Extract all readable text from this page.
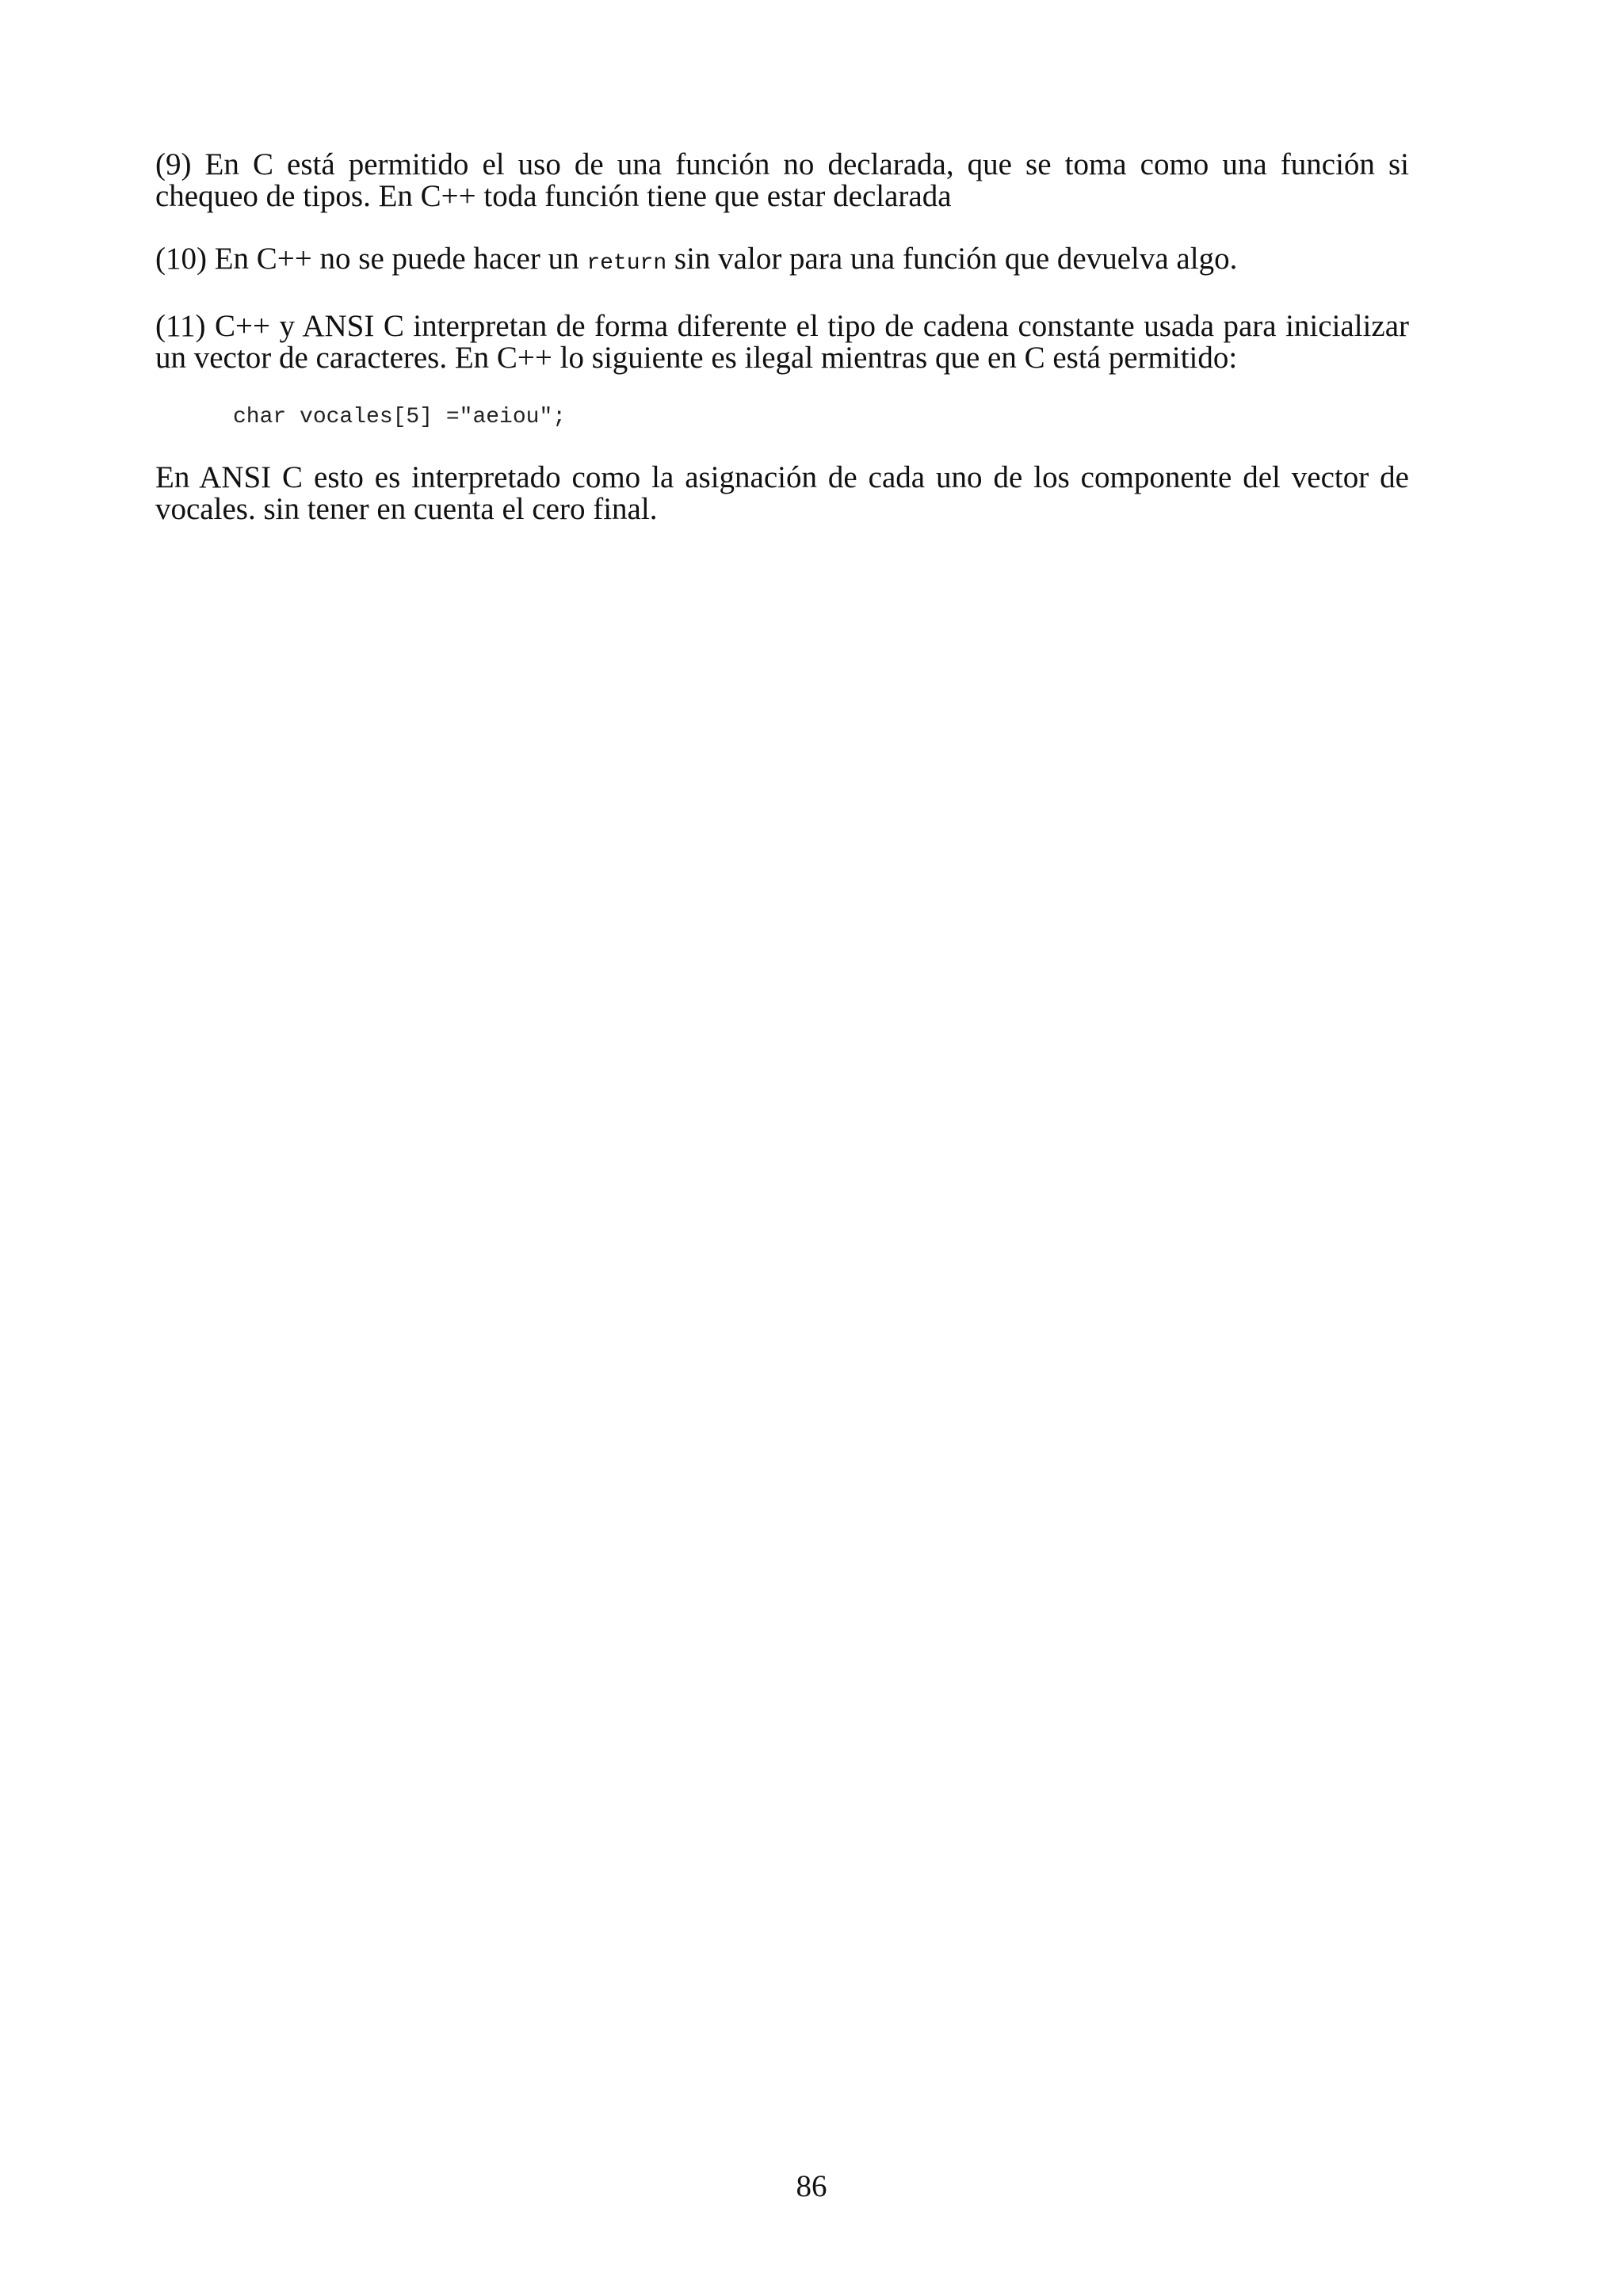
(9) En C está permitido el uso de una función no declarada, que se toma como una función si chequeo de tipos. En C++ toda función tiene que estar declarada

(10) En C++ no se puede hacer un return sin valor para una función que devuelva algo.

(11) C++ y ANSI C interpretan de forma diferente el tipo de cadena constante usada para inicializar un vector de caracteres. En C++ lo siguiente es ilegal mientras que en C está permitido:

char vocales[5] ="aeiou";

En ANSI C esto es interpretado como la asignación de cada uno de los componente del vector de vocales. sin tener en cuenta el cero final.

86
